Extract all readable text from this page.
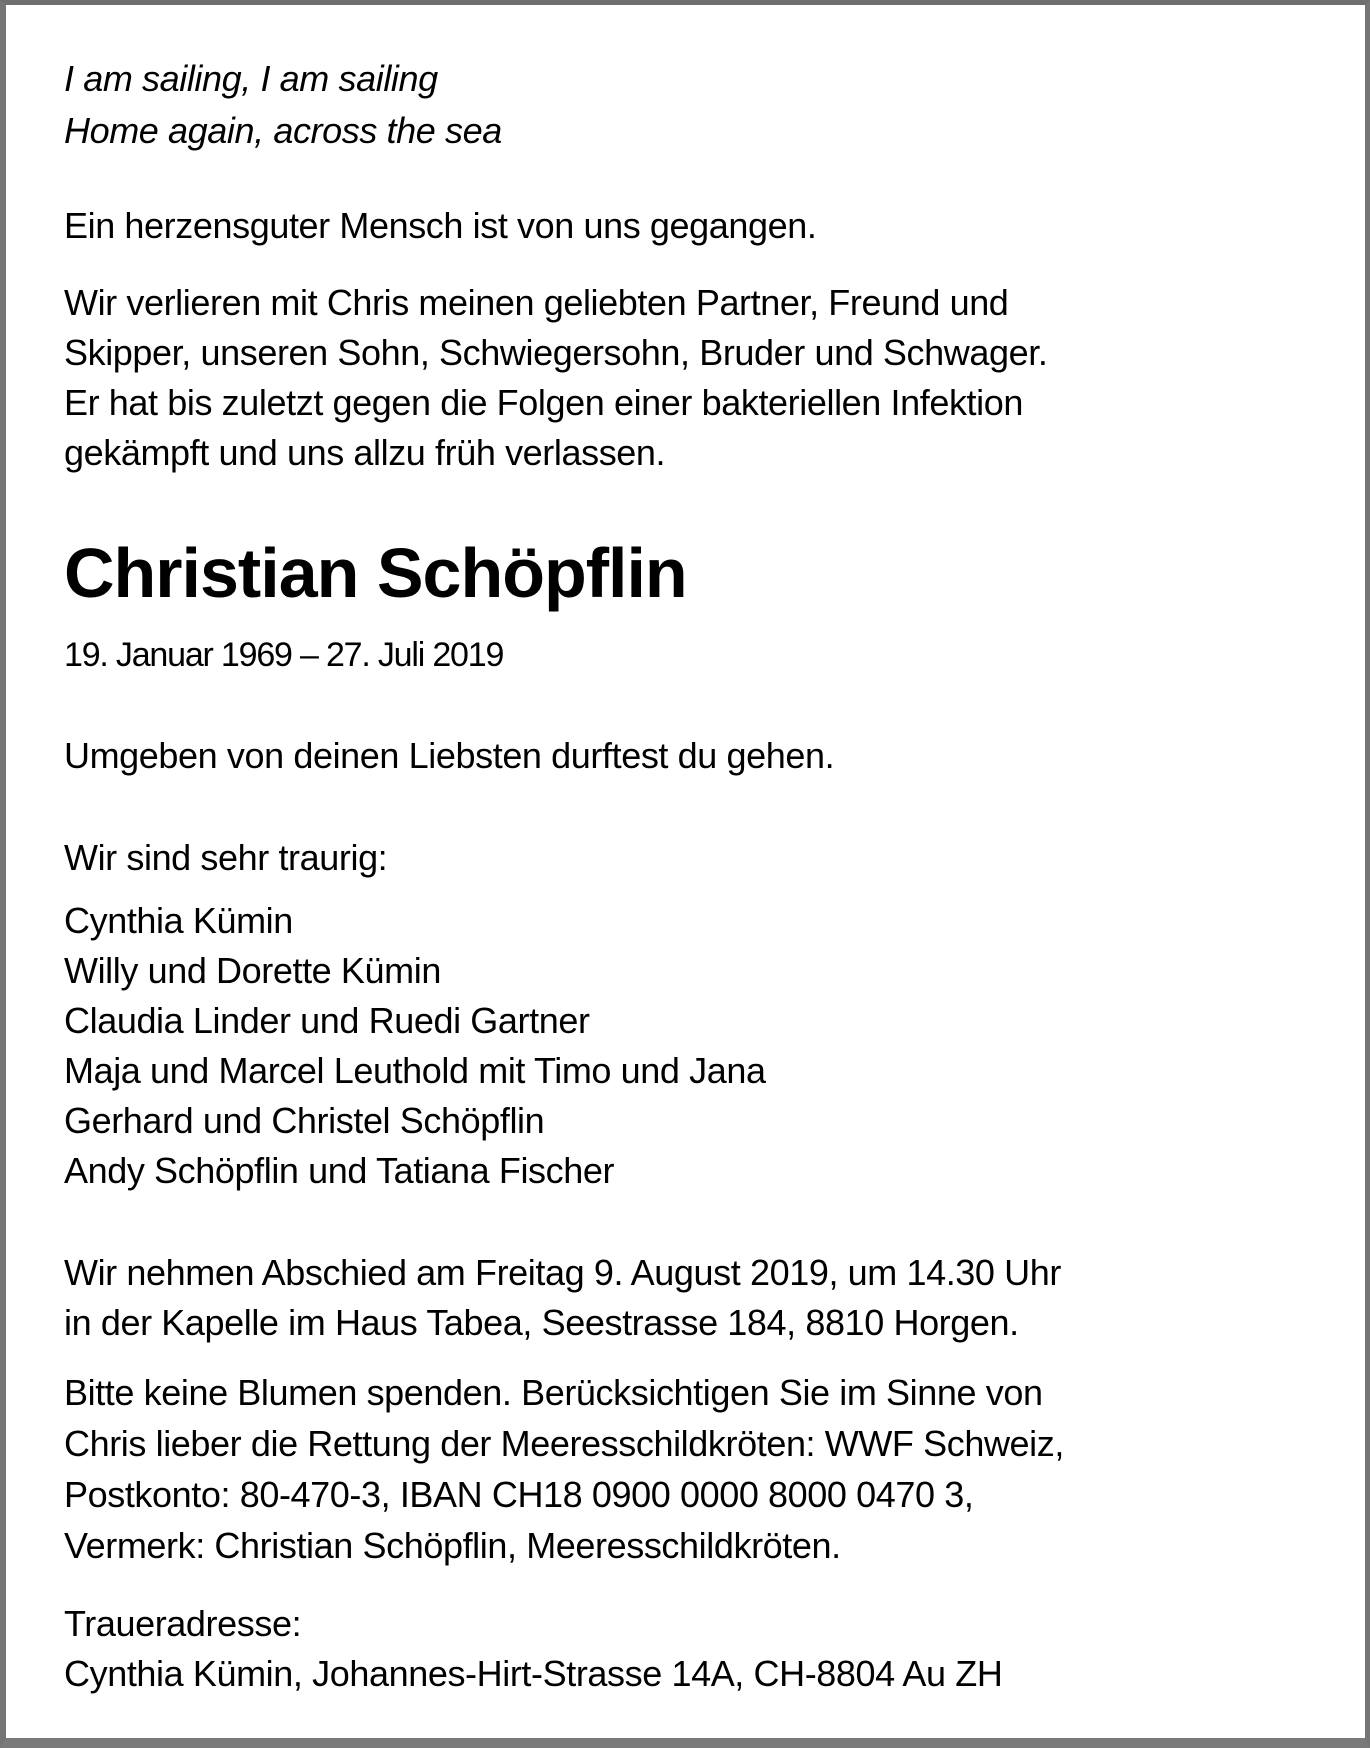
I am sailing, I am sailing
Home again, across the sea
Ein herzensguter Mensch ist von uns gegangen.
Wir verlieren mit Chris meinen geliebten Partner, Freund und
Skipper, unseren Sohn, Schwiegersohn, Bruder und Schwager.
Er hat bis zuletzt gegen die Folgen einer bakteriellen Infektion
gekämpft und uns allzu früh verlassen.
Christian Schöpflin
19. Januar 1969 – 27. Juli 2019
Umgeben von deinen Liebsten durftest du gehen.
Wir sind sehr traurig:
Cynthia Kümin
Willy und Dorette Kümin
Claudia Linder und Ruedi Gartner
Maja und Marcel Leuthold mit Timo und Jana
Gerhard und Christel Schöpflin
Andy Schöpflin und Tatiana Fischer
Wir nehmen Abschied am Freitag 9. August 2019, um 14.30 Uhr
in der Kapelle im Haus Tabea, Seestrasse 184, 8810 Horgen.
Bitte keine Blumen spenden. Berücksichtigen Sie im Sinne von
Chris lieber die Rettung der Meeresschildkröten: WWF Schweiz,
Postkonto: 80-470-3, IBAN CH18 0900 0000 8000 0470 3,
Vermerk: Christian Schöpflin, Meeresschildkröten.
Traueradresse:
Cynthia Kümin, Johannes-Hirt-Strasse 14A, CH-8804 Au ZH
